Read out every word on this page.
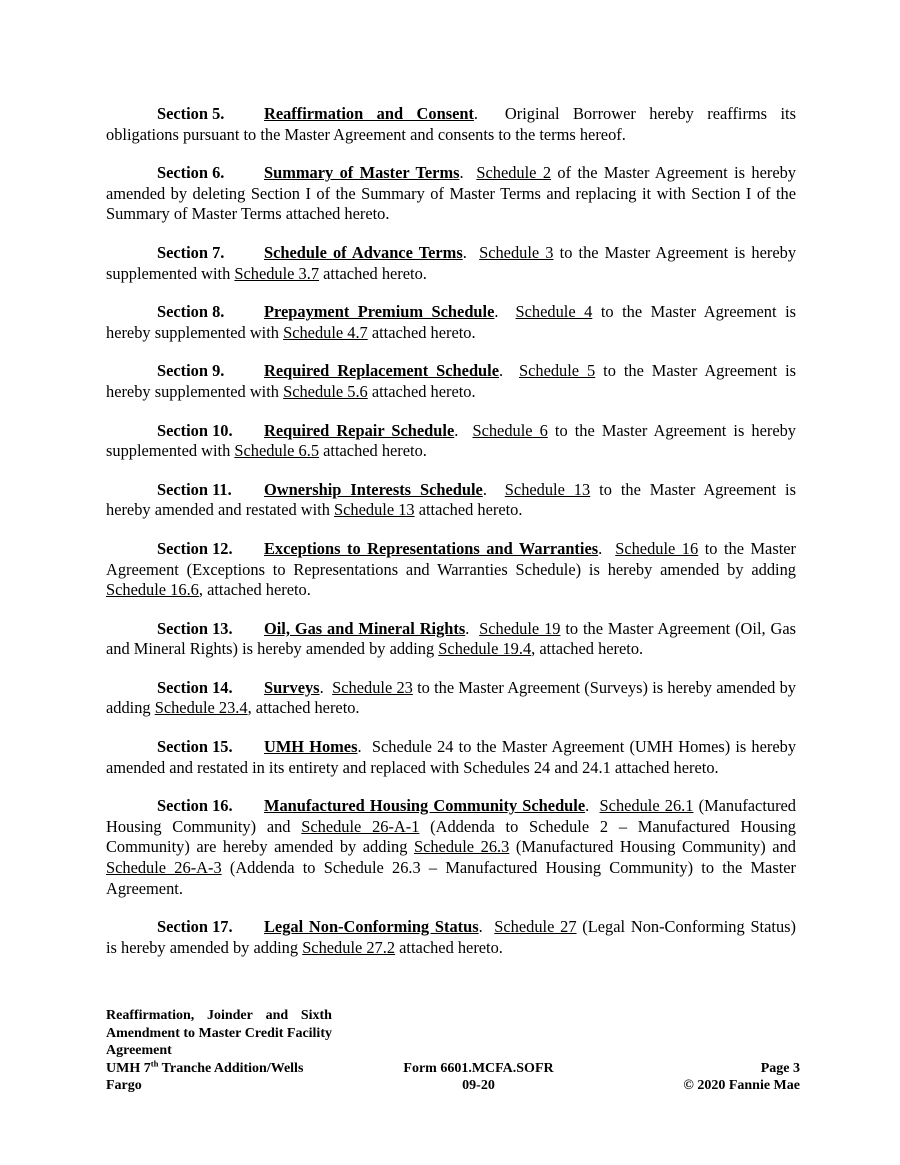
Section 5. Reaffirmation and Consent.  Original Borrower hereby reaffirms its obligations pursuant to the Master Agreement and consents to the terms hereof.

Section 6. Summary of Master Terms.  Schedule 2 of the Master Agreement is hereby amended by deleting Section I of the Summary of Master Terms and replacing it with Section I of the Summary of Master Terms attached hereto.

Section 7. Schedule of Advance Terms.  Schedule 3 to the Master Agreement is hereby supplemented with Schedule 3.7 attached hereto.

Section 8. Prepayment Premium Schedule.  Schedule 4 to the Master Agreement is hereby supplemented with Schedule 4.7 attached hereto.

Section 9. Required Replacement Schedule.  Schedule 5 to the Master Agreement is hereby supplemented with Schedule 5.6 attached hereto.

Section 10. Required Repair Schedule.  Schedule 6 to the Master Agreement is hereby supplemented with Schedule 6.5 attached hereto.

Section 11. Ownership Interests Schedule.  Schedule 13 to the Master Agreement is hereby amended and restated with Schedule 13 attached hereto.

Section 12. Exceptions to Representations and Warranties.  Schedule 16 to the Master Agreement (Exceptions to Representations and Warranties Schedule) is hereby amended by adding Schedule 16.6, attached hereto.

Section 13. Oil, Gas and Mineral Rights.  Schedule 19 to the Master Agreement (Oil, Gas and Mineral Rights) is hereby amended by adding Schedule 19.4, attached hereto.

Section 14. Surveys.  Schedule 23 to the Master Agreement (Surveys) is hereby amended by adding Schedule 23.4, attached hereto.

Section 15. UMH Homes.  Schedule 24 to the Master Agreement (UMH Homes) is hereby amended and restated in its entirety and replaced with Schedules 24 and 24.1 attached hereto.

Section 16. Manufactured Housing Community Schedule.  Schedule 26.1 (Manufactured Housing Community) and Schedule 26-A-1 (Addenda to Schedule 2 – Manufactured Housing Community) are hereby amended by adding Schedule 26.3 (Manufactured Housing Community) and Schedule 26-A-3 (Addenda to Schedule 26.3 – Manufactured Housing Community) to the Master Agreement.

Section 17. Legal Non-Conforming Status.  Schedule 27 (Legal Non-Conforming Status) is hereby amended by adding Schedule 27.2 attached hereto.

Reaffirmation, Joinder and Sixth
Amendment to Master Credit Facility
Agreement
UMH 7th Tranche Addition/Wells Fargo
Form 6601.MCFA.SOFR
09-20
Page 3
© 2020 Fannie Mae
